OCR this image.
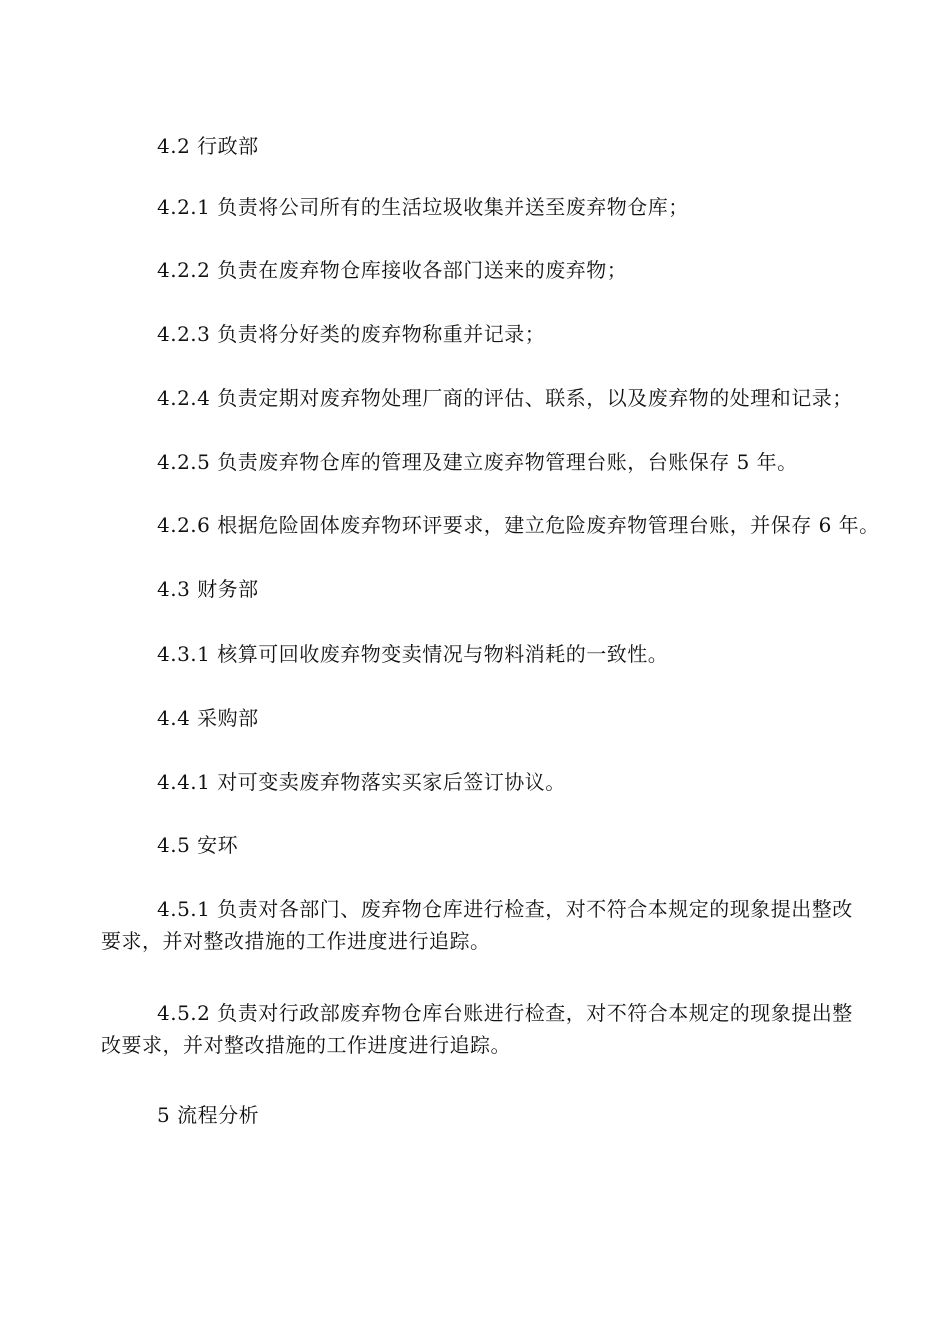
4.2 行政部
4.2.1 负责将公司所有的生活垃圾收集并送至废弃物仓库；
4.2.2 负责在废弃物仓库接收各部门送来的废弃物；
4.2.3 负责将分好类的废弃物称重并记录；
4.2.4 负责定期对废弃物处理厂商的评估、联系，以及废弃物的处理和记录；
4.2.5 负责废弃物仓库的管理及建立废弃物管理台账，台账保存 5 年。
4.2.6 根据危险固体废弃物环评要求，建立危险废弃物管理台账，并保存 6 年。
4.3 财务部
4.3.1 核算可回收废弃物变卖情况与物料消耗的一致性。
4.4 采购部
4.4.1 对可变卖废弃物落实买家后签订协议。
4.5 安环
4.5.1 负责对各部门、废弃物仓库进行检查，对不符合本规定的现象提出整改
要求，并对整改措施的工作进度进行追踪。
4.5.2 负责对行政部废弃物仓库台账进行检查，对不符合本规定的现象提出整
改要求，并对整改措施的工作进度进行追踪。
5 流程分析
